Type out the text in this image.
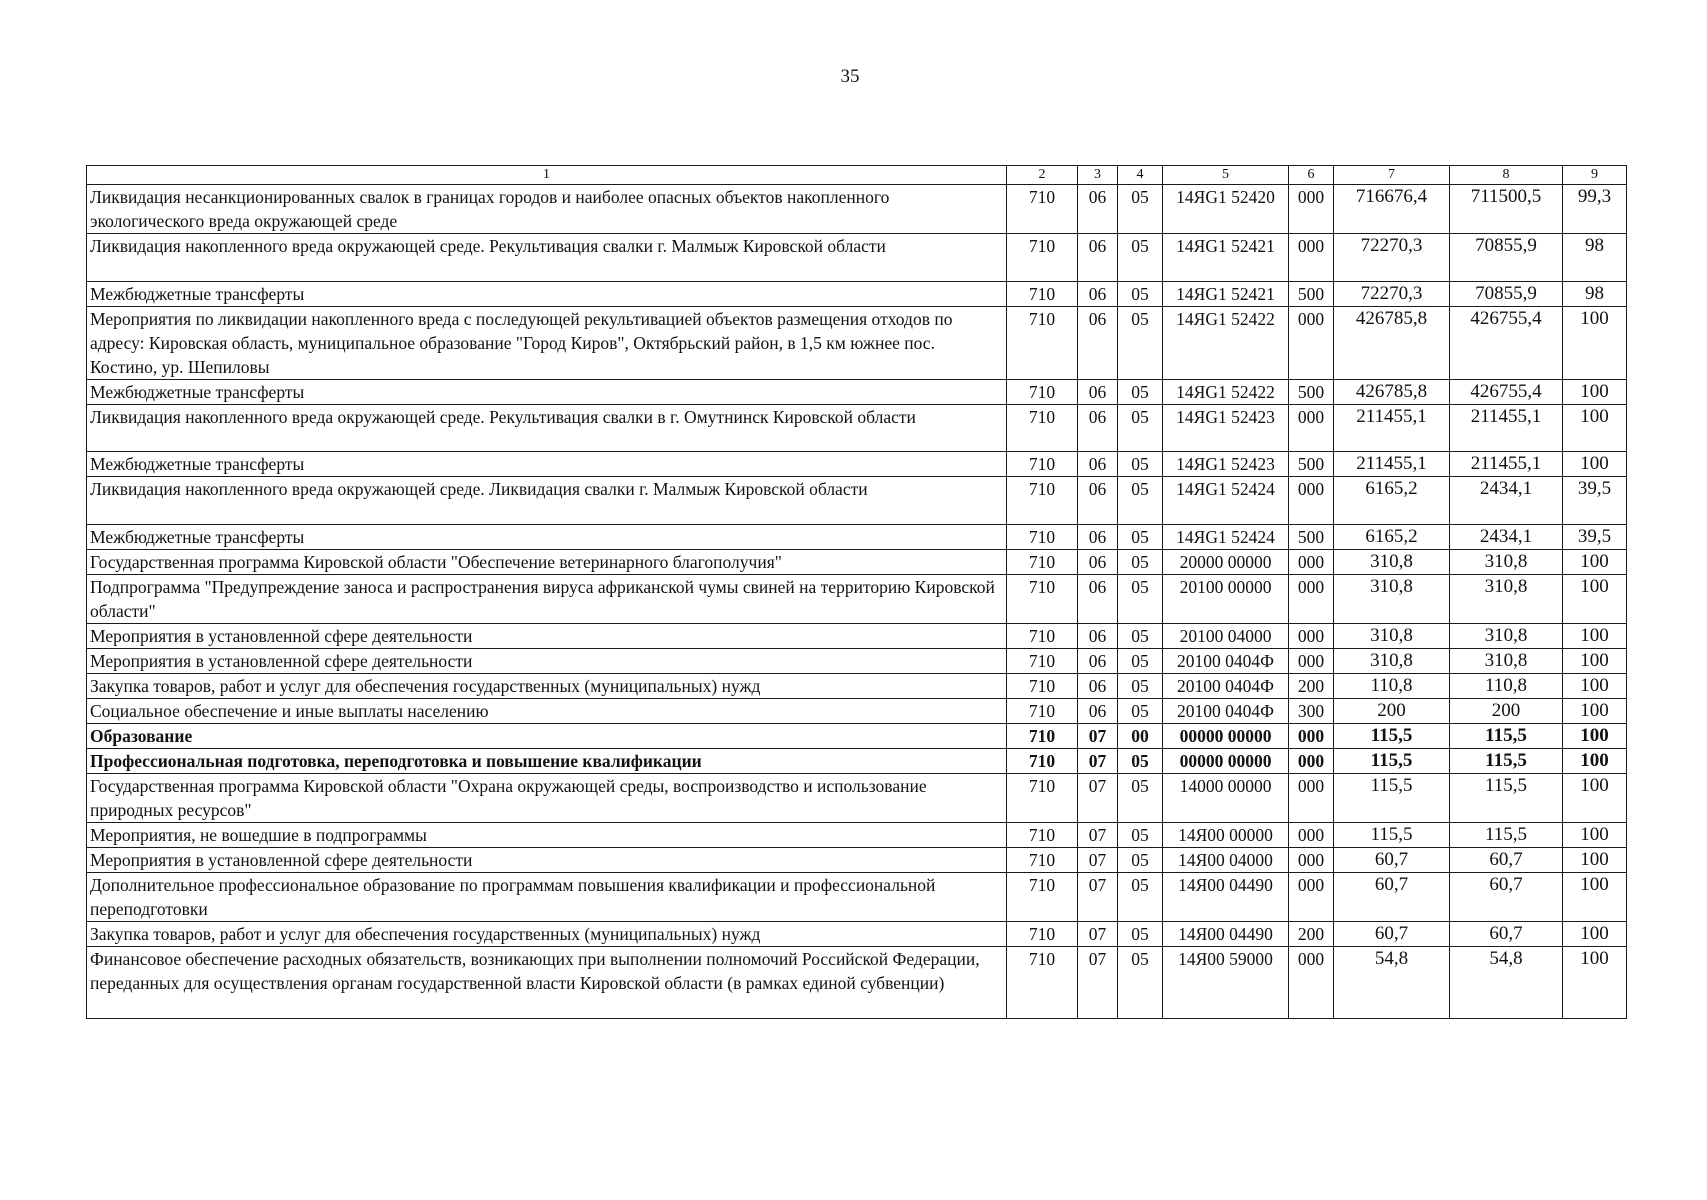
35
1	2	3	4	5	6	7	8	9
Ликвидация несанкционированных свалок в границах городов и наиболее опасных объектов накопленного экологического вреда окружающей среде	710	06	05	14ЯG1 52420	000	716676,4	711500,5	99,3
Ликвидация накопленного вреда окружающей среде. Рекультивация свалки г. Малмыж Кировской области	710	06	05	14ЯG1 52421	000	72270,3	70855,9	98
Межбюджетные трансферты	710	06	05	14ЯG1 52421	500	72270,3	70855,9	98
Мероприятия по ликвидации накопленного вреда с последующей рекультивацией объектов размещения отходов по адресу: Кировская область, муниципальное образование "Город Киров", Октябрьский район, в 1,5 км южнее пос. Костино, ур. Шепиловы	710	06	05	14ЯG1 52422	000	426785,8	426755,4	100
Межбюджетные трансферты	710	06	05	14ЯG1 52422	500	426785,8	426755,4	100
Ликвидация накопленного вреда окружающей среде. Рекультивация свалки в г. Омутнинск Кировской области	710	06	05	14ЯG1 52423	000	211455,1	211455,1	100
Межбюджетные трансферты	710	06	05	14ЯG1 52423	500	211455,1	211455,1	100
Ликвидация накопленного вреда окружающей среде. Ликвидация свалки г. Малмыж Кировской области	710	06	05	14ЯG1 52424	000	6165,2	2434,1	39,5
Межбюджетные трансферты	710	06	05	14ЯG1 52424	500	6165,2	2434,1	39,5
Государственная программа Кировской области "Обеспечение ветеринарного благополучия"	710	06	05	20000 00000	000	310,8	310,8	100
Подпрограмма "Предупреждение заноса и распространения вируса африканской чумы свиней на территорию Кировской области"	710	06	05	20100 00000	000	310,8	310,8	100
Мероприятия в установленной сфере деятельности	710	06	05	20100 04000	000	310,8	310,8	100
Мероприятия в установленной сфере деятельности	710	06	05	20100 0404Ф	000	310,8	310,8	100
Закупка товаров, работ и услуг для обеспечения государственных (муниципальных) нужд	710	06	05	20100 0404Ф	200	110,8	110,8	100
Социальное обеспечение и иные выплаты населению	710	06	05	20100 0404Ф	300	200	200	100
Образование	710	07	00	00000 00000	000	115,5	115,5	100
Профессиональная подготовка, переподготовка и повышение квалификации	710	07	05	00000 00000	000	115,5	115,5	100
Государственная программа Кировской области "Охрана окружающей среды, воспроизводство и использование природных ресурсов"	710	07	05	14000 00000	000	115,5	115,5	100
Мероприятия, не вошедшие в подпрограммы	710	07	05	14Я00 00000	000	115,5	115,5	100
Мероприятия в установленной сфере деятельности	710	07	05	14Я00 04000	000	60,7	60,7	100
Дополнительное профессиональное образование по программам повышения квалификации и профессиональной переподготовки	710	07	05	14Я00 04490	000	60,7	60,7	100
Закупка товаров, работ и услуг для обеспечения государственных (муниципальных) нужд	710	07	05	14Я00 04490	200	60,7	60,7	100
Финансовое обеспечение расходных обязательств, возникающих при выполнении полномочий Российской Федерации, переданных для осуществления органам государственной власти Кировской области (в рамках единой субвенции)	710	07	05	14Я00 59000	000	54,8	54,8	100
